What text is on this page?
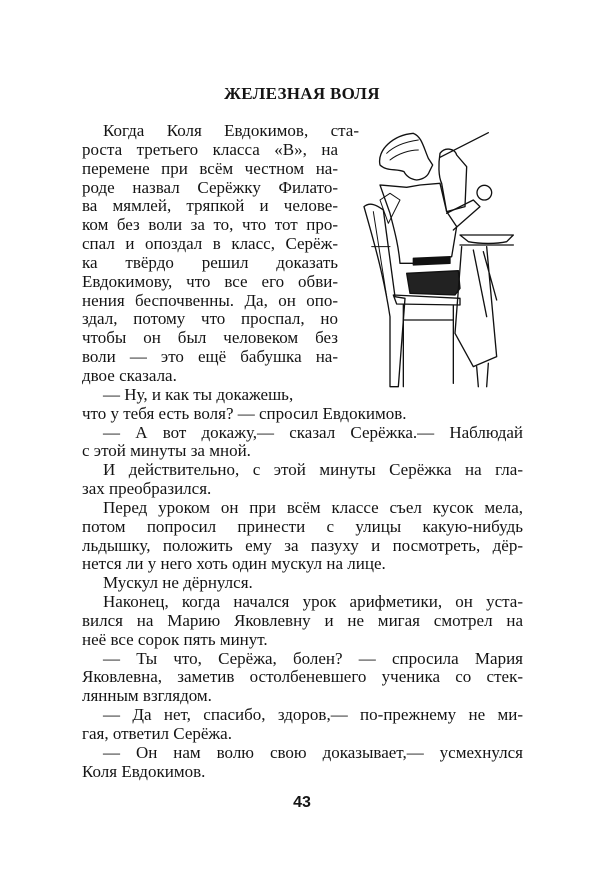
ЖЕЛЕЗНАЯ ВОЛЯ
Когда Коля Евдокимов, ста-
роста третьего класса «В», на
перемене при всём честном на-
роде назвал Серёжку Филато-
ва мямлей, тряпкой и челове-
ком без воли за то, что тот про-
спал и опоздал в класс, Серёж-
ка твёрдо решил доказать
Евдокимову, что все его обви-
нения беспочвенны. Да, он опо-
здал, потому что проспал, но
чтобы он был человеком без
воли — это ещё бабушка на-
двое сказала.
— Ну, и как ты докажешь,
что у тебя есть воля? — спросил Евдокимов.
— А вот докажу,— сказал Серёжка.— Наблюдай
с этой минуты за мной.
И действительно, с этой минуты Серёжка на гла-
зах преобразился.
Перед уроком он при всём классе съел кусок мела,
потом попросил принести с улицы какую-нибудь
льдышку, положить ему за пазуху и посмотреть, дёр-
нется ли у него хоть один мускул на лице.
Мускул не дёрнулся.
Наконец, когда начался урок арифметики, он уста-
вился на Марию Яковлевну и не мигая смотрел на
неё все сорок пять минут.
— Ты что, Серёжа, болен? — спросила Мария
Яковлевна, заметив остолбеневшего ученика со стек-
лянным взглядом.
— Да нет, спасибо, здоров,— по-прежнему не ми-
гая, ответил Серёжа.
— Он нам волю свою доказывает,— усмехнулся
Коля Евдокимов.
43
